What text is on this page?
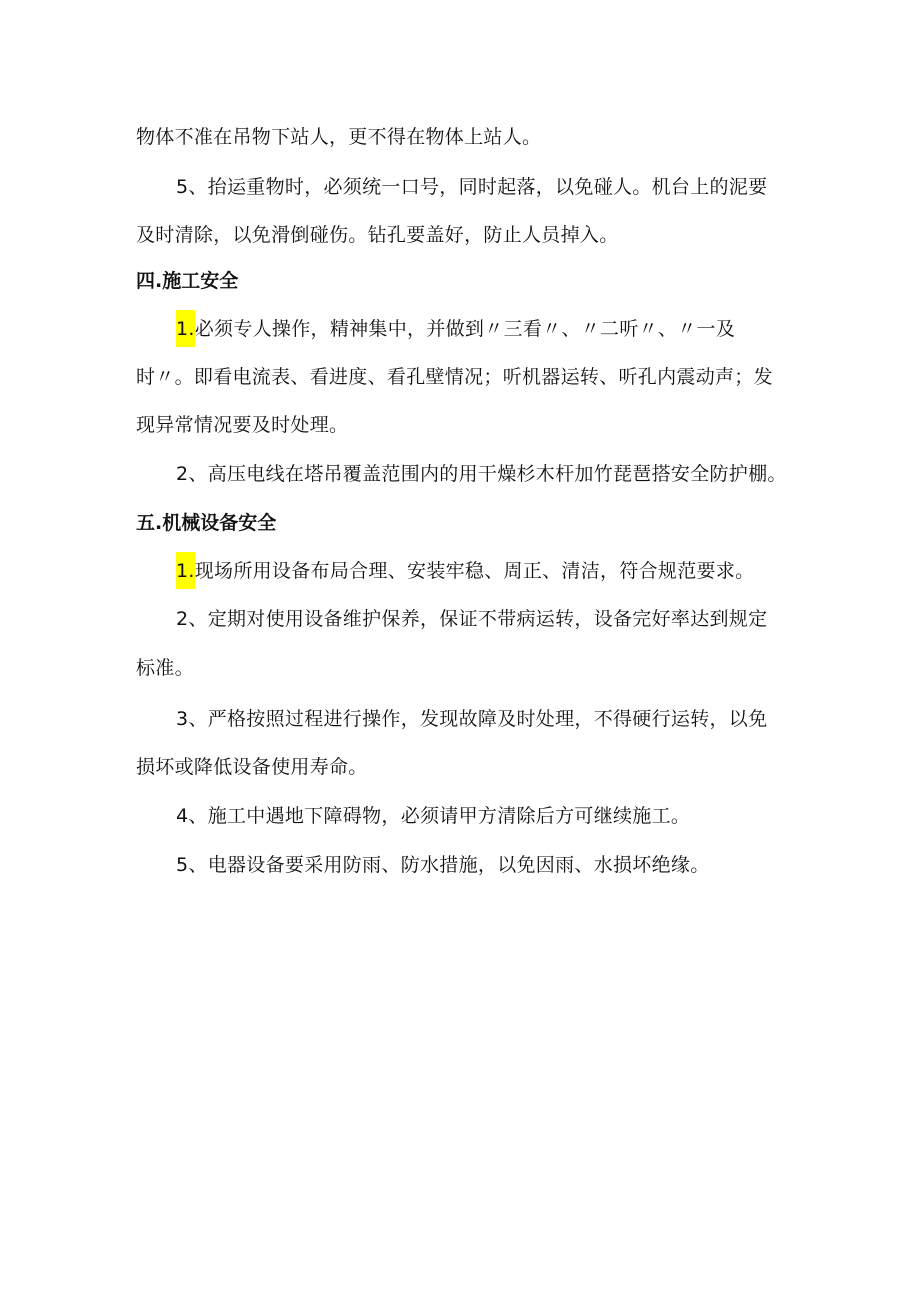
物体不准在吊物下站人，更不得在物体上站人。
5、抬运重物时，必须统一口号，同时起落，以免碰人。机台上的泥要
及时清除，以免滑倒碰伤。钻孔要盖好，防止人员掉入。
四.施工安全
1.必须专人操作，精神集中，并做到〃三看〃、〃二听〃、〃一及
时〃。即看电流表、看进度、看孔壁情况；听机器运转、听孔内震动声；发
现异常情况要及时处理。
2、高压电线在塔吊覆盖范围内的用干燥杉木杆加竹琵琶搭安全防护棚。
五.机械设备安全
1.现场所用设备布局合理、安装牢稳、周正、清洁，符合规范要求。
2、定期对使用设备维护保养，保证不带病运转，设备完好率达到规定
标准。
3、严格按照过程进行操作，发现故障及时处理，不得硬行运转，以免
损坏或降低设备使用寿命。
4、施工中遇地下障碍物，必须请甲方清除后方可继续施工。
5、电器设备要采用防雨、防水措施，以免因雨、水损坏绝缘。
